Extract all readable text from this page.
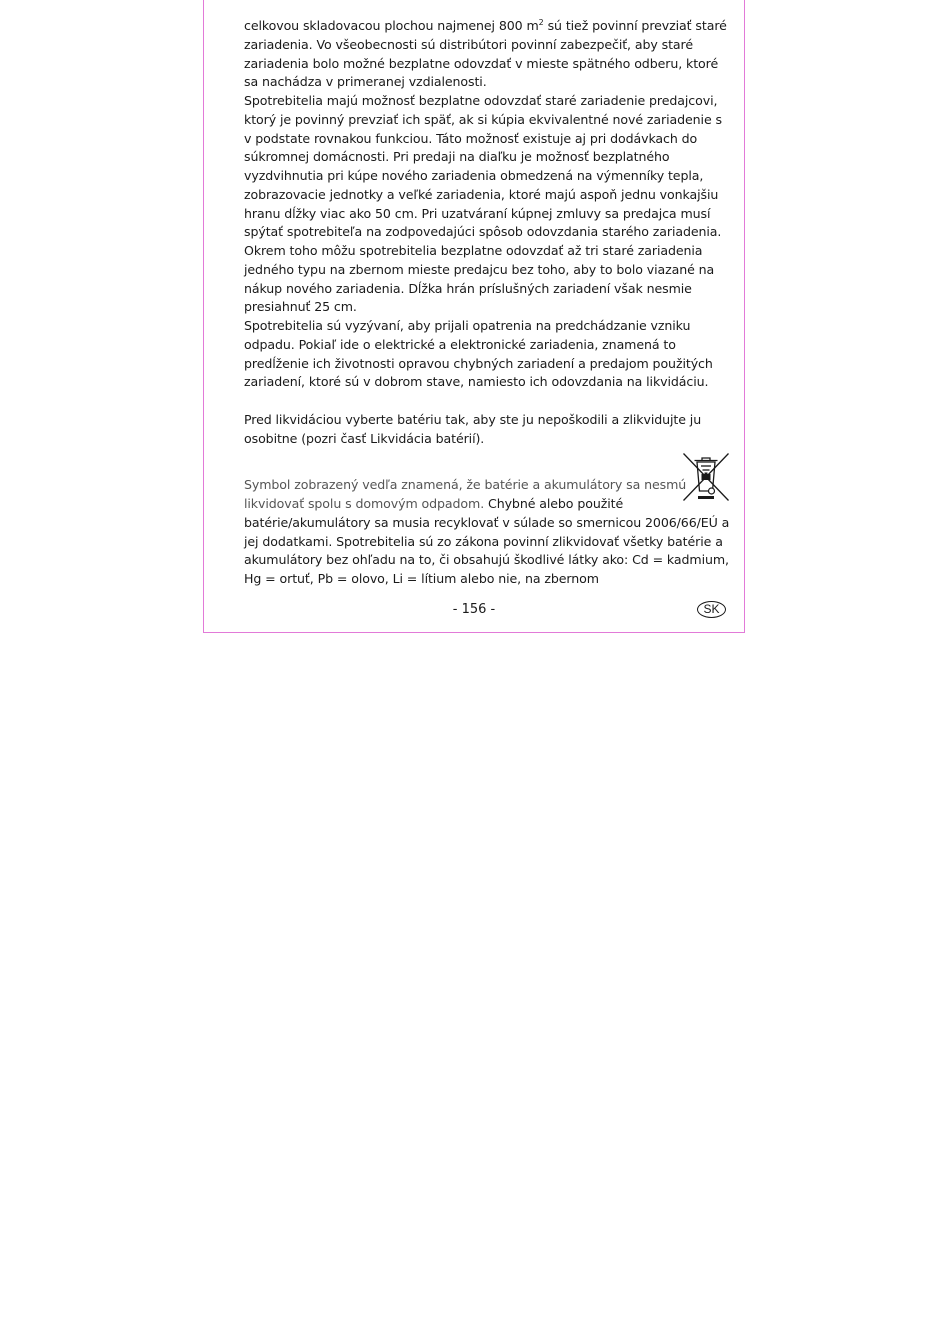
celkovou skladovacou plochou najmenej 800 $m^2$ sú tiež povinní prevziať staré zariadenia. Vo všeobecnosti sú distribútori povinní zabezpečiť, aby staré zariadenia bolo možné bezplatne odovzdať v mieste spätného odberu, ktoré sa nachádza v primeranej vzdialenosti.

Spotrebitelia majú možnosť bezplatne odovzdať staré zariadenie predajcovi, ktorý je povinný prevziať ich späť, ak si kúpia ekvivalentné nové zariadenie s v podstate rovnakou funkciou. Táto možnosť existuje aj pri dodávkach do súkromnej domácnosti. Pri predaji na diaľku je možnosť bezplatného vyzdvihnutia pri kúpe nového zariadenia obmedzená na výmenníky tepla, zobrazovacie jednotky a veľké zariadenia, ktoré majú aspoň jednu vonkajšiu hranu dĺžky viac ako 50 cm. Pri uzatváraní kúpnej zmluvy sa predajca musí spýtať spotrebiteľa na zodpovedajúci spôsob odovzdania starého zariadenia. Okrem toho môžu spotrebitelia bezplatne odovzdať až tri staré zariadenia jedného typu na zbernom mieste predajcu bez toho, aby to bolo viazané na nákup nového zariadenia. Dĺžka hrán príslušných zariadení však nesmie presiahnuť 25 cm.

Spotrebitelia sú vyzývaní, aby prijali opatrenia na predchádzanie vzniku odpadu. Pokiaľ ide o elektrické a elektronické zariadenia, znamená to predĺženie ich životnosti opravou chybných zariadení a predajom použitých zariadení, ktoré sú v dobrom stave, namiesto ich odovzdania na likvidáciu.

Pred likvidáciou vyberte batériu tak, aby ste ju nepoškodili a zlikvidujte ju osobitne (pozri časť Likvidácia batérií).

Symbol zobrazený vedľa znamená, že batérie a akumulátory sa nesmú likvidovať spolu s domovým odpadom. Chybné alebo použité batérie/akumulátory sa musia recyklovať v súlade so smernicou 2006/66/EÚ a jej dodatkami. Spotrebitelia sú zo zákona povinní zlikvidovať všetky batérie a akumulátory bez ohľadu na to, či obsahujú škodlivé látky ako: Cd = kadmium, Hg = ortuť, Pb = olovo, Li = lítium alebo nie, na zbernom

- 156 -	SK
